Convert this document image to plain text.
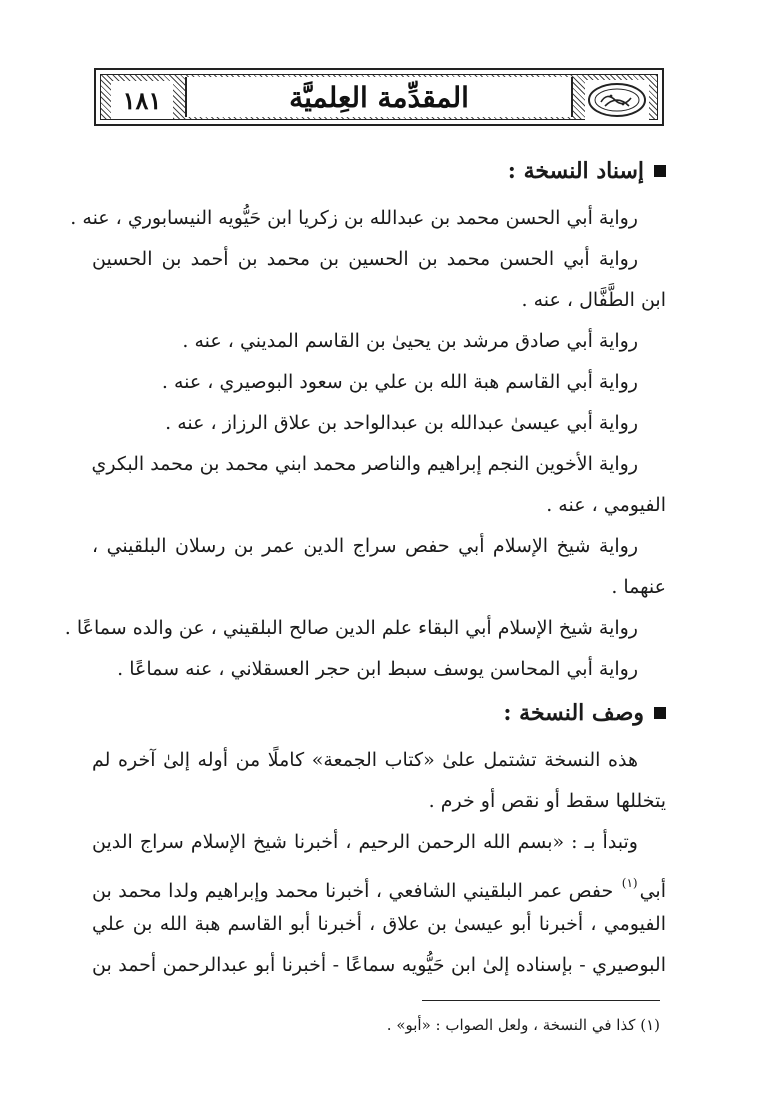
١٨١	المقدِّمة العِلميَّة
إسناد النسخة :
رواية أبي الحسن محمد بن عبدالله بن زكريا ابن حَيُّويه النيسابوري ، عنه .
رواية أبي الحسن محمد بن الحسين بن محمد بن أحمد بن الحسين
ابن الطَّفَّال ، عنه .
رواية أبي صادق مرشد بن يحيىٰ بن القاسم المديني ، عنه .
رواية أبي القاسم هبة الله بن علي بن سعود البوصيري ، عنه .
رواية أبي عيسىٰ عبدالله بن عبدالواحد بن علاق الرزاز ، عنه .
رواية الأخوين النجم إبراهيم والناصر محمد ابني محمد بن محمد البكري
الفيومي ، عنه .
رواية شيخ الإسلام أبي حفص سراج الدين عمر بن رسلان البلقيني ،
عنهما .
رواية شيخ الإسلام أبي البقاء علم الدين صالح البلقيني ، عن والده سماعًا .
رواية أبي المحاسن يوسف سبط ابن حجر العسقلاني ، عنه سماعًا .
وصف النسخة :
هذه النسخة تشتمل علىٰ «كتاب الجمعة» كاملًا من أوله إلىٰ آخره لم
يتخللها سقط أو نقص أو خرم .
وتبدأ بـ : «بسم الله الرحمن الرحيم ، أخبرنا شيخ الإسلام سراج الدين
أبي$^{(١)}$ حفص عمر البلقيني الشافعي ، أخبرنا محمد وإبراهيم ولدا محمد بن
الفيومي ، أخبرنا أبو عيسىٰ بن علاق ، أخبرنا أبو القاسم هبة الله بن علي
البوصيري - بإسناده إلىٰ ابن حَيُّويه سماعًا - أخبرنا أبو عبدالرحمن أحمد بن
(١) كذا في النسخة ، ولعل الصواب : «أبو» .
